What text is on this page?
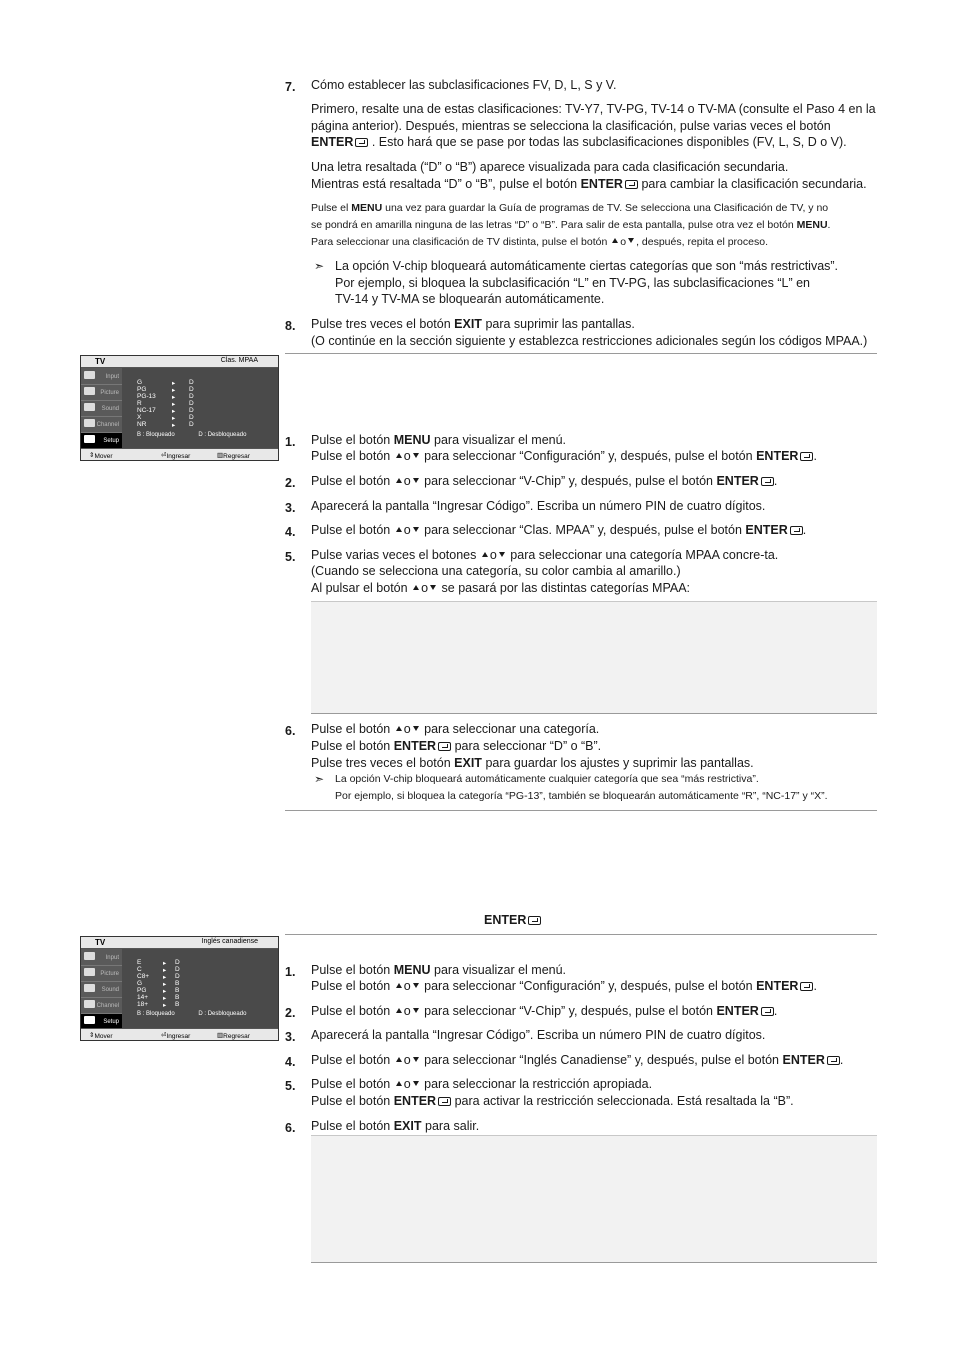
7. Cómo establecer las subclasificaciones FV, D, L, S y V.
Primero, resalte una de estas clasificaciones: TV-Y7, TV-PG, TV-14 o TV-MA (consulte el Paso 4 en la
página anterior). Después, mientras se selecciona la clasificación, pulse varias veces el botón
ENTER . Esto hará que se pase por todas las subclasificaciones disponibles (FV, L, S, D o V).
Una letra resaltada (“D” o “B”) aparece visualizada para cada clasificación secundaria.
Mientras está resaltada “D” o “B”, pulse el botón ENTER para cambiar la clasificación secundaria.
Pulse el MENU una vez para guardar la Guía de programas de TV. Se selecciona una Clasificación de TV, y no
se pondrá en amarilla ninguna de las letras “D” o “B”. Para salir de esta pantalla, pulse otra vez el botón MENU.
Para seleccionar una clasificación de TV distinta, pulse el botón o , después, repita el proceso.
➣ La opción V-chip bloqueará automáticamente ciertas categorías que son “más restrictivas”.
Por ejemplo, si bloquea la subclasificación “L” en TV-PG, las subclasificaciones “L” en
TV-14 y TV-MA se bloquearán automáticamente.
8. Pulse tres veces el botón EXIT para suprimir las pantallas.
(O continúe en la sección siguiente y establezca restricciones adicionales según los códigos MPAA.)
TV	Clas. MPAA
Input
Picture
Sound
Channel
Setup
G	▸ D
PG	▸ D
PG-13 ▸ D
R	▸ D
NC-17 ▸ D
X	▸ D
NR	▸ D
B : Bloqueado	D : Desbloqueado
⇕ Mover	⏎ Ingresar	▥ Regresar
1. Pulse el botón MENU para visualizar el menú.
Pulse el botón o para seleccionar “Configuración” y, después, pulse el botón ENTER .
2. Pulse el botón o para seleccionar “V-Chip” y, después, pulse el botón ENTER .
3. Aparecerá la pantalla “Ingresar Código”. Escriba un número PIN de cuatro dígitos.
4. Pulse el botón o para seleccionar “Clas. MPAA” y, después, pulse el botón ENTER .
5. Pulse varias veces el botones o para seleccionar una categoría MPAA concre-ta.
(Cuando se selecciona una categoría, su color cambia al amarillo.)
Al pulsar el botón o se pasará por las distintas categorías MPAA:
6. Pulse el botón o para seleccionar una categoría.
Pulse el botón ENTER para seleccionar “D” o “B”.
Pulse tres veces el botón EXIT para guardar los ajustes y suprimir las pantallas.
➣ La opción V-chip bloqueará automáticamente cualquier categoría que sea “más restrictiva”.
Por ejemplo, si bloquea la categoría “PG-13”, también se bloquearán automáticamente “R”, “NC-17” y “X”.
ENTER
TV	Inglés canadiense
Input
Picture
Sound
Channel
Setup
E	▸ D
C	▸ D
C8+ ▸ D
G	▸ B
PG	▸ B
14+ ▸ B
18+ ▸ B
B : Bloqueado	D : Desbloqueado
⇕ Mover	⏎ Ingresar	▥ Regresar
1. Pulse el botón MENU para visualizar el menú.
Pulse el botón o para seleccionar “Configuración” y, después, pulse el botón ENTER .
2. Pulse el botón o para seleccionar “V-Chip” y, después, pulse el botón ENTER .
3. Aparecerá la pantalla “Ingresar Código”. Escriba un número PIN de cuatro dígitos.
4. Pulse el botón o para seleccionar “Inglés Canadiense” y, después, pulse el botón ENTER .
5. Pulse el botón o para seleccionar la restricción apropiada.
Pulse el botón ENTER para activar la restricción seleccionada. Está resaltada la “B”.
6. Pulse el botón EXIT para salir.
